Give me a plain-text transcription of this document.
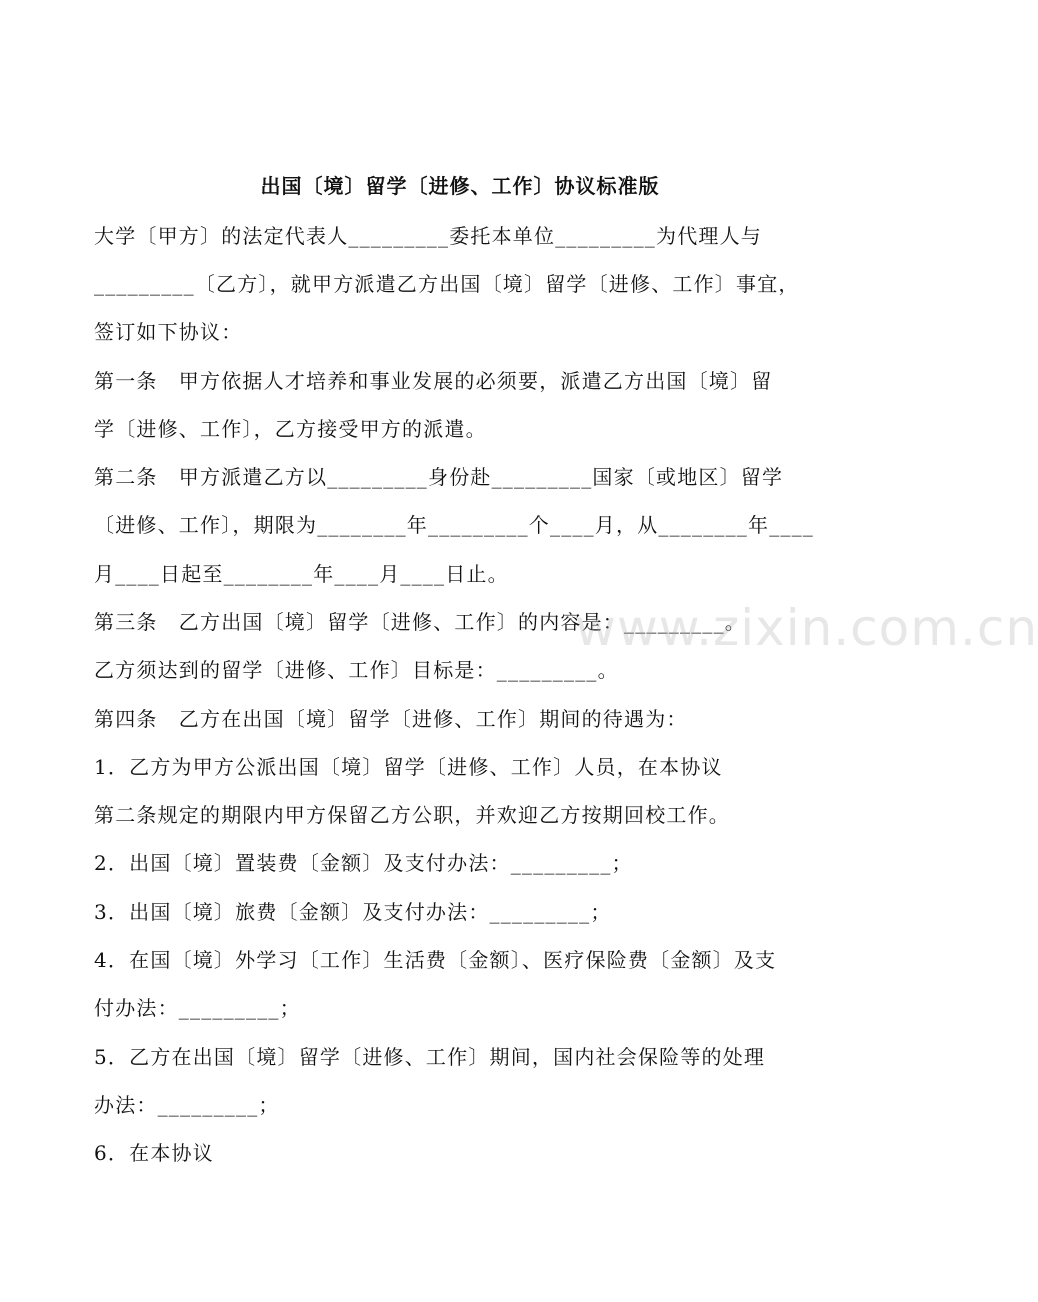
出国〔境〕留学〔进修、工作〕协议标准版
大学〔甲方〕的法定代表人_________委托本单位_________为代理人与
_________〔乙方〕，就甲方派遣乙方出国〔境〕留学〔进修、工作〕事宜，
签订如下协议：
第一条　甲方依据人才培养和事业发展的必须要，派遣乙方出国〔境〕留
学〔进修、工作〕，乙方接受甲方的派遣。
第二条　甲方派遣乙方以_________身份赴_________国家〔或地区〕留学
〔进修、工作〕，期限为________年_________个____月，从________年____
月____日起至________年____月____日止。
第三条　乙方出国〔境〕留学〔进修、工作〕的内容是：_________。
乙方须达到的留学〔进修、工作〕目标是：_________。
第四条　乙方在出国〔境〕留学〔进修、工作〕期间的待遇为：
1．乙方为甲方公派出国〔境〕留学〔进修、工作〕人员，在本协议
第二条规定的期限内甲方保留乙方公职，并欢迎乙方按期回校工作。
2．出国〔境〕置装费〔金额〕及支付办法：_________；
3．出国〔境〕旅费〔金额〕及支付办法：_________；
4．在国〔境〕外学习〔工作〕生活费〔金额〕、医疗保险费〔金额〕及支
付办法：_________；
5．乙方在出国〔境〕留学〔进修、工作〕期间，国内社会保险等的处理
办法：_________；
6．在本协议
www.zixin.com.cn
